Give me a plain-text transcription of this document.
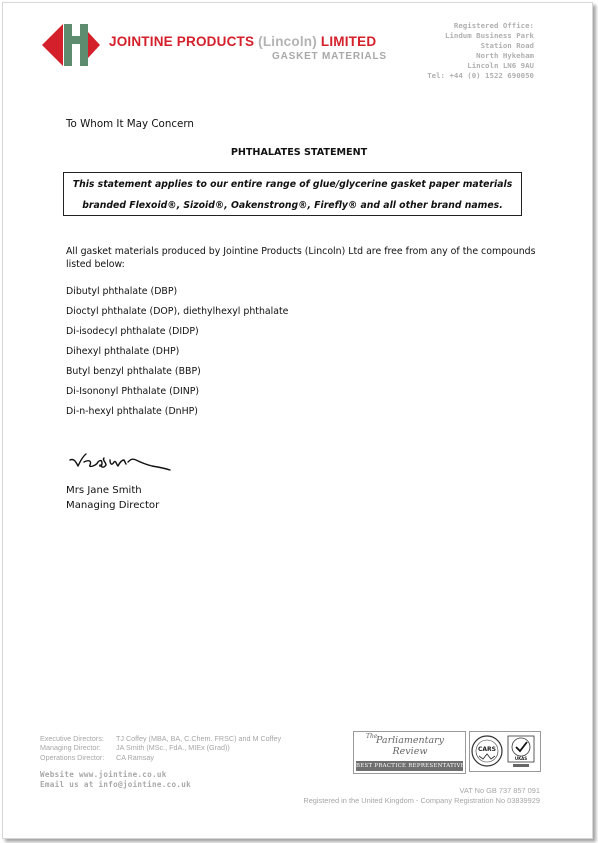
JOINTINE PRODUCTS (Lincoln) LIMITED
GASKET MATERIALS
Registered Office:
Lindum Business Park
Station Road
North Hykeham
Lincoln LN6 9AU
Tel: +44 (0) 1522 690050
To Whom It May Concern
PHTHALATES STATEMENT
This statement applies to our entire range of glue/glycerine gasket paper materials
branded Flexoid®, Sizoid®, Oakenstrong®, Firefly® and all other brand names.
All gasket materials produced by Jointine Products (Lincoln) Ltd are free from any of the compounds listed below:
Dibutyl phthalate (DBP)
Dioctyl phthalate (DOP), diethylhexyl phthalate
Di-isodecyl phthalate (DIDP)
Dihexyl phthalate (DHP)
Butyl benzyl phthalate (BBP)
Di-Isononyl Phthalate (DINP)
Di-n-hexyl phthalate (DnHP)
Mrs Jane Smith
Managing Director
Executive Directors: TJ Coffey (MBA, BA, C.Chem. FRSC) and M Coffey
Managing Director: JA Smith (MSc., FdA., MIEx (Grad))
Operations Director: CA Ramsay
Website www.jointine.co.uk
Email us at info@jointine.co.uk
The
Parliamentary Review
BEST PRACTICE REPRESENTATIVE
CARS
UKAS
VAT No GB 737 857 091
Registered in the United Kingdom - Company Registration No 03839929
